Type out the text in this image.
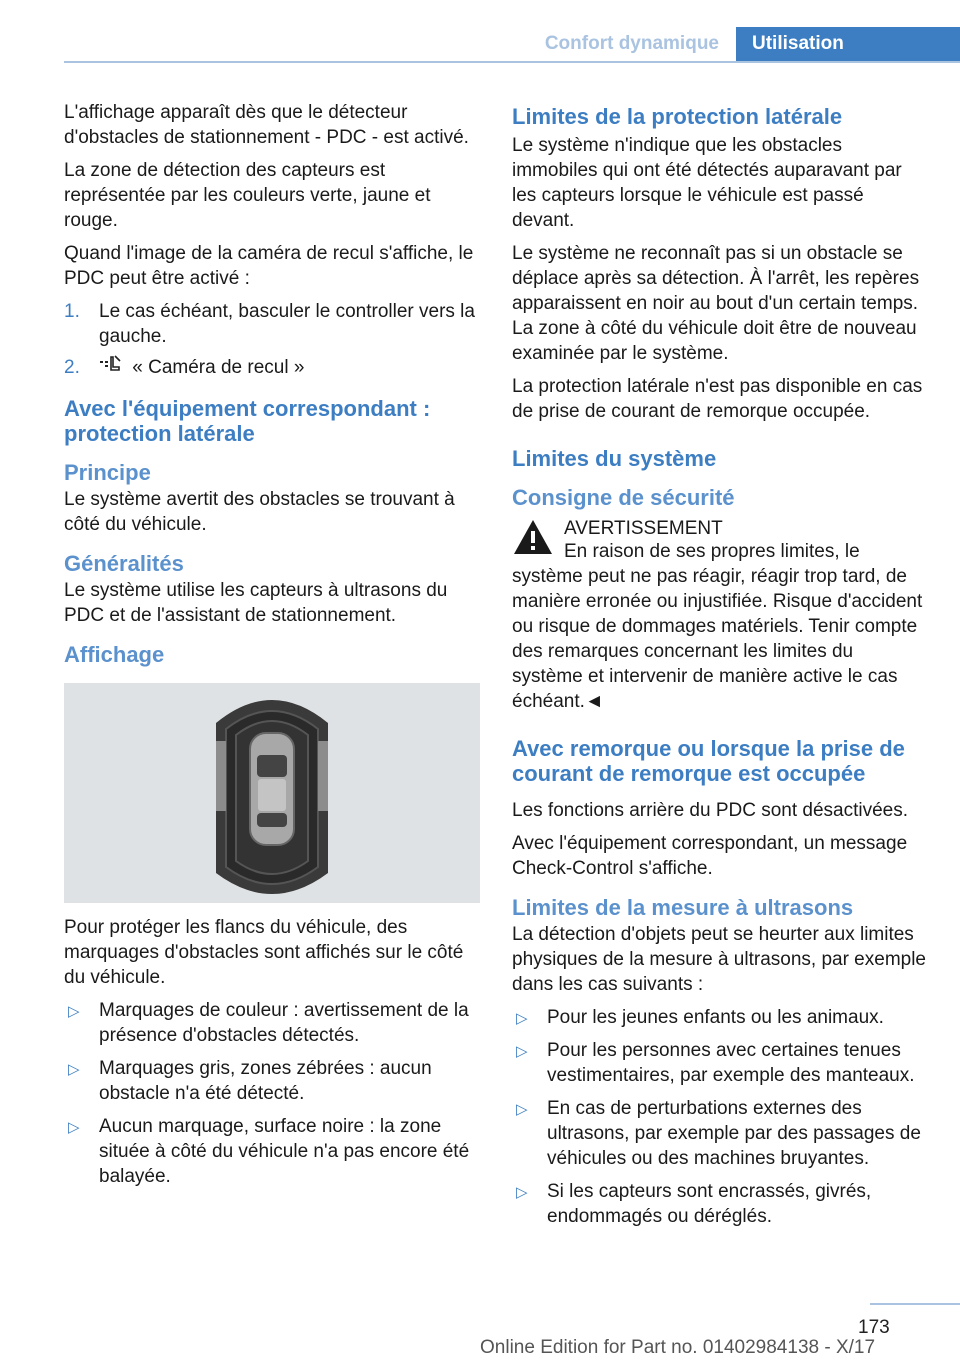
Confort dynamique	Utilisation

L'affichage apparaît dès que le détecteur d'obstacles de stationnement - PDC - est activé.

La zone de détection des capteurs est représentée par les couleurs verte, jaune et rouge.

Quand l'image de la caméra de recul s'affiche, le PDC peut être activé :

1. Le cas échéant, basculer le controller vers la gauche.
2.	« Caméra de recul »
Avec l'équipement correspondant : protection latérale
Principe

Le système avertit des obstacles se trouvant à côté du véhicule.

Généralités

Le système utilise les capteurs à ultrasons du PDC et de l'assistant de stationnement.

Affichage

Pour protéger les flancs du véhicule, des marquages d'obstacles sont affichés sur le côté du véhicule.

▷ Marquages de couleur : avertissement de la présence d'obstacles détectés.
▷ Marquages gris, zones zébrées : aucun obstacle n'a été détecté.
▷ Aucun marquage, surface noire : la zone située à côté du véhicule n'a pas encore été balayée.
Limites de la protection latérale

Le système n'indique que les obstacles immobiles qui ont été détectés auparavant par les capteurs lorsque le véhicule est passé devant.

Le système ne reconnaît pas si un obstacle se déplace après sa détection. À l'arrêt, les repères apparaissent en noir au bout d'un certain temps. La zone à côté du véhicule doit être de nouveau examinée par le système.

La protection latérale n'est pas disponible en cas de prise de courant de remorque occupée.

Limites du système
Consigne de sécurité

AVERTISSEMENT

En raison de ses propres limites, le système peut ne pas réagir, réagir trop tard, de manière erronée ou injustifiée. Risque d'accident ou risque de dommages matériels. Tenir compte des remarques concernant les limites du système et intervenir de manière active le cas échéant.◄

Avec remorque ou lorsque la prise de courant de remorque est occupée

Les fonctions arrière du PDC sont désactivées.

Avec l'équipement correspondant, un message Check-Control s'affiche.

Limites de la mesure à ultrasons

La détection d'objets peut se heurter aux limites physiques de la mesure à ultrasons, par exemple dans les cas suivants :

▷ Pour les jeunes enfants ou les animaux.
▷ Pour les personnes avec certaines tenues vestimentaires, par exemple des manteaux.
▷ En cas de perturbations externes des ultrasons, par exemple par des passages de véhicules ou des machines bruyantes.
▷ Si les capteurs sont encrassés, givrés, endommagés ou déréglés.
173
Online Edition for Part no. 01402984138 - X/17
